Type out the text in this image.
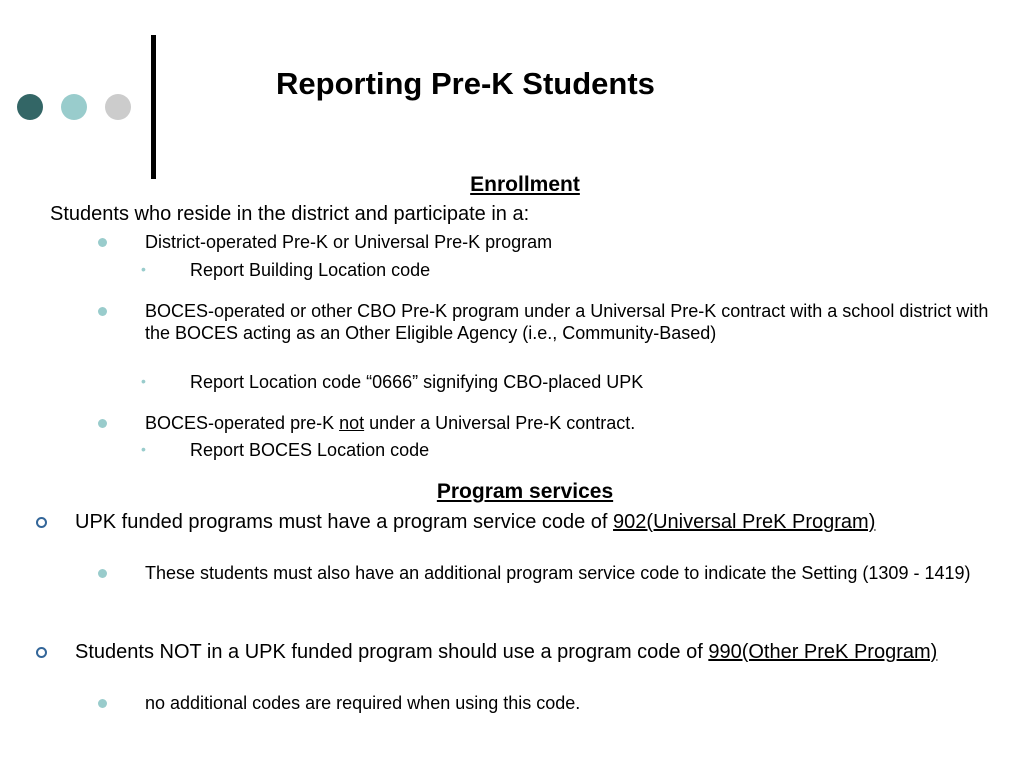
Reporting Pre-K Students
Enrollment
Students who reside in the district and participate in a:
District-operated Pre-K or Universal Pre-K program
• Report Building Location code
BOCES-operated or other CBO Pre-K program under a Universal Pre-K contract with a school district with the BOCES acting as an Other Eligible Agency (i.e., Community-Based)
• Report Location code “0666” signifying CBO-placed UPK
BOCES-operated pre-K not under a Universal Pre-K contract.
• Report BOCES Location code
Program services
UPK funded programs must have a program service code of 902(Universal PreK Program)
These students must also have an additional program service code to indicate the Setting (1309 - 1419)
Students NOT in a UPK funded program should use a program code of 990(Other PreK Program)
no additional codes are required when using this code.
